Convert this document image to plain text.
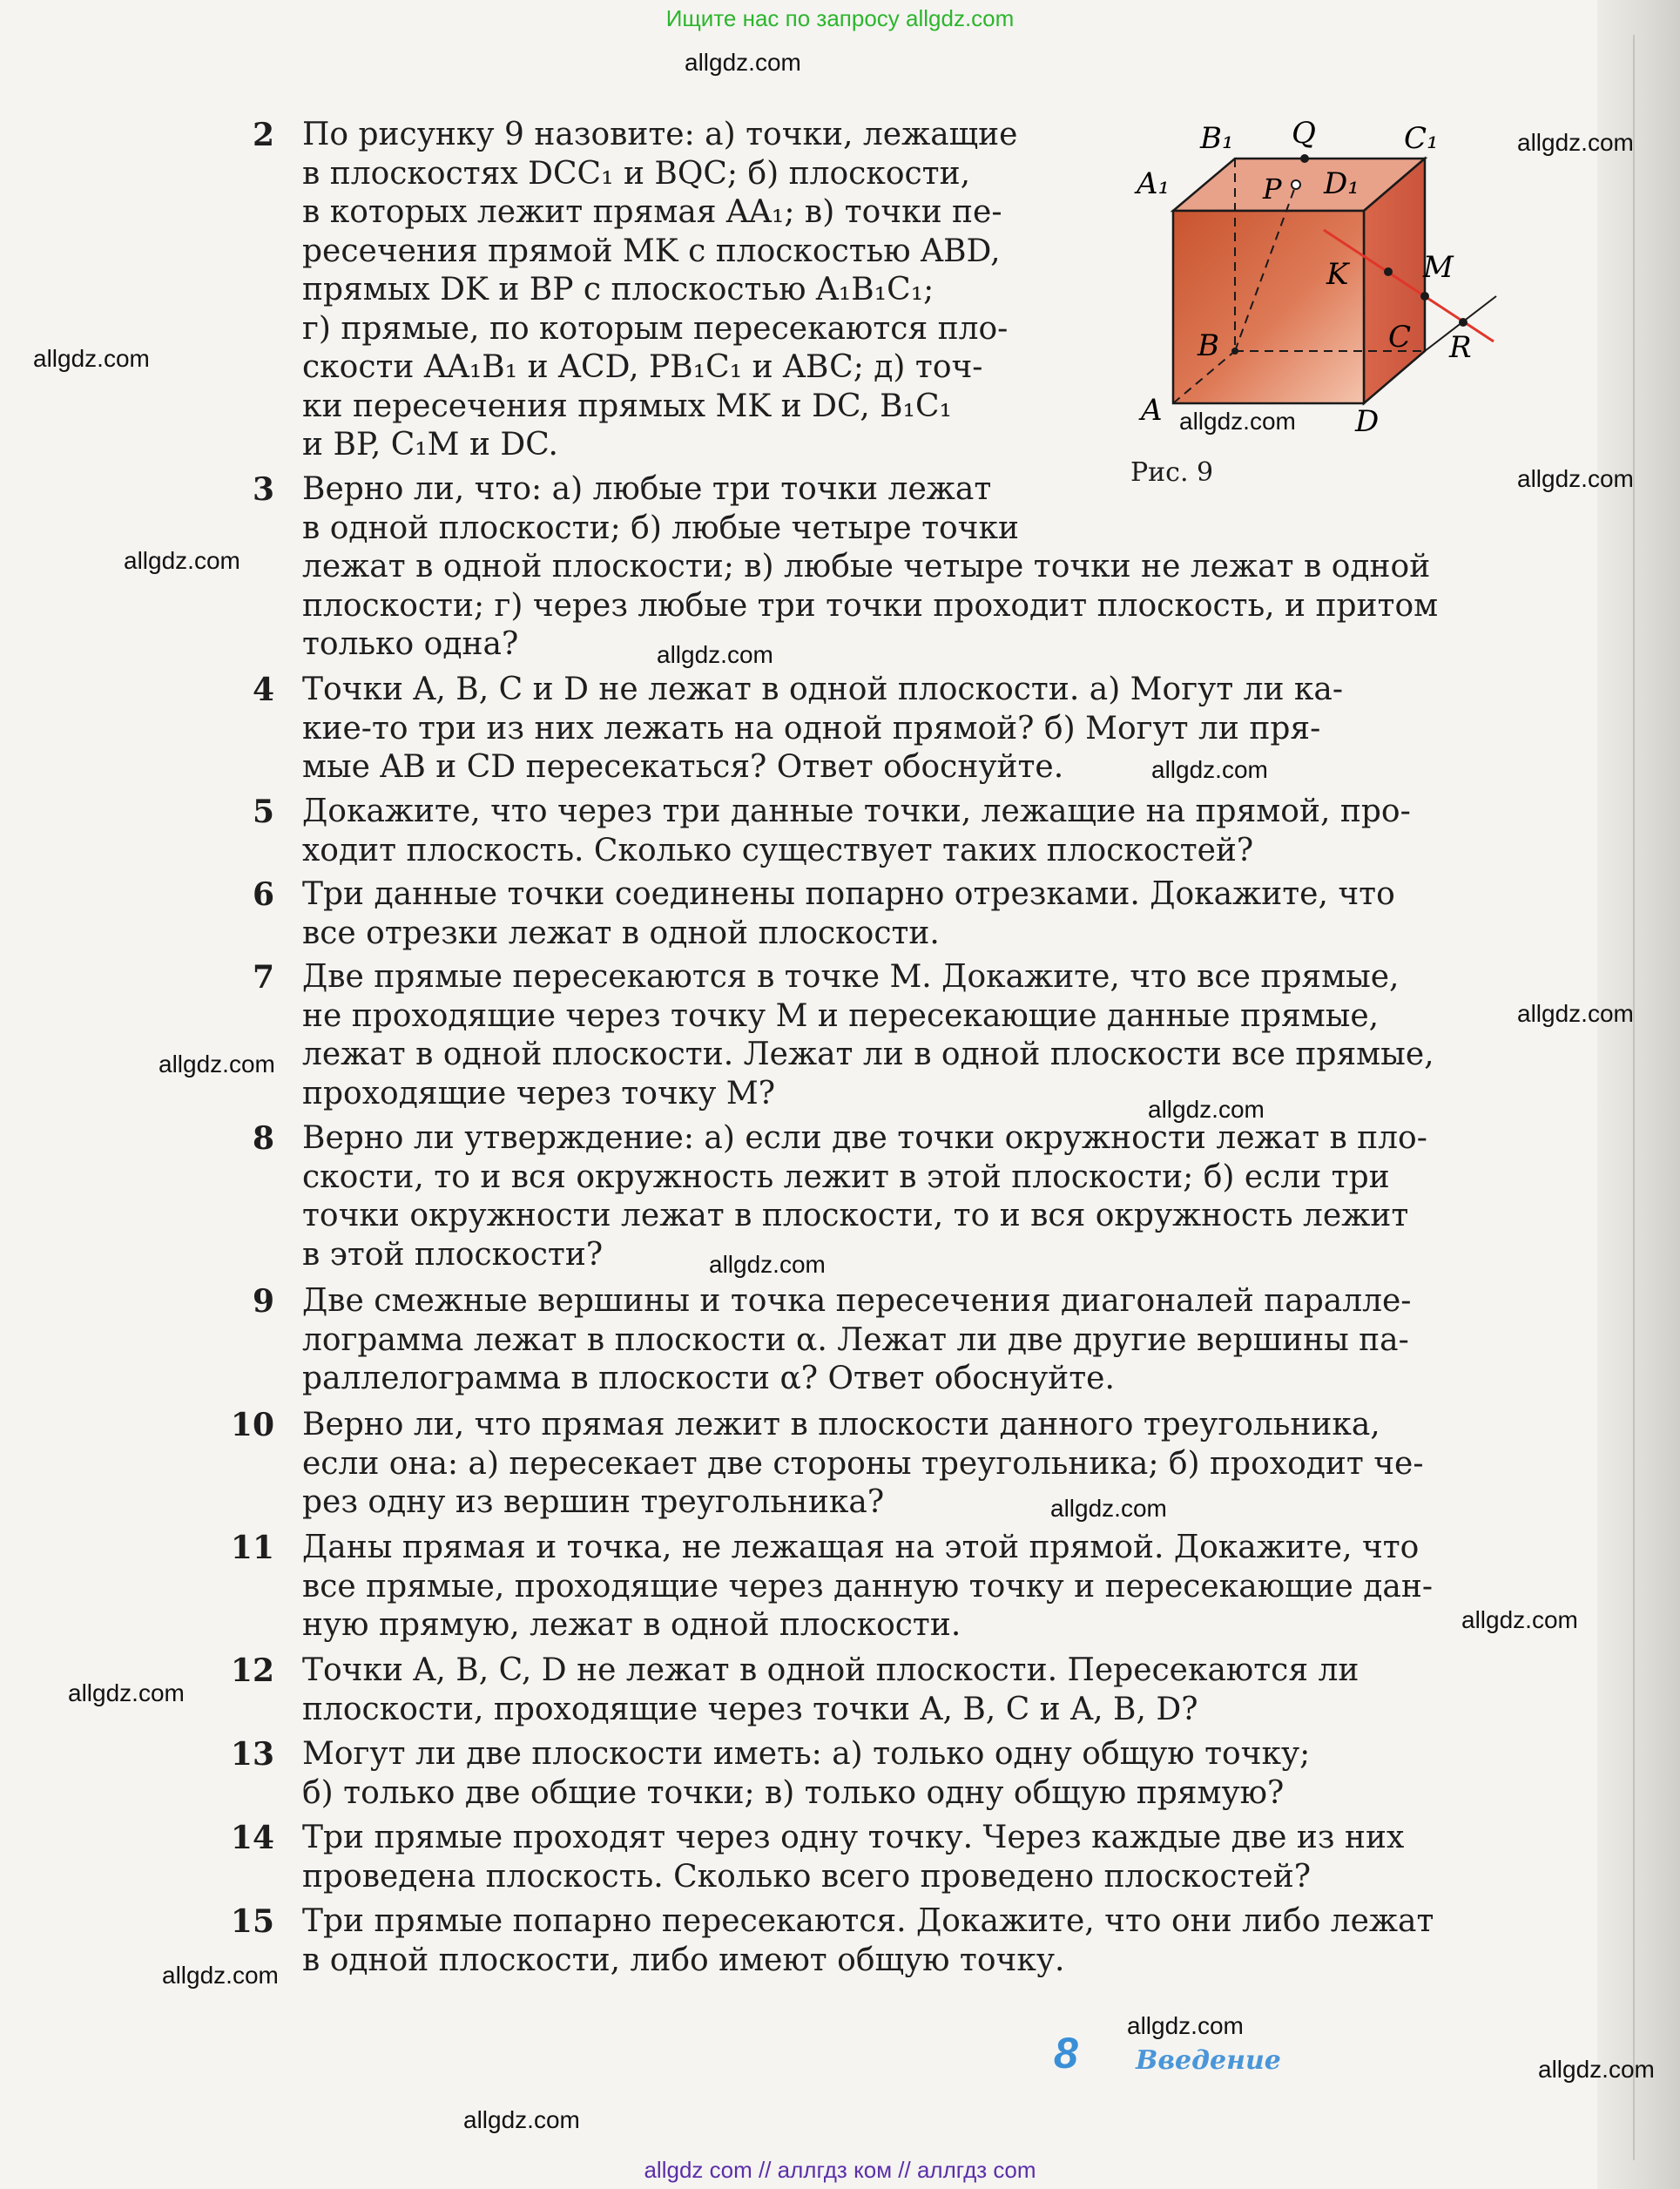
Ищите нас по запросу allgdz.com
allgdz com // аллгдз ком // аллгдз com
B₁ Q	C₁
A₁	P D₁
K	M
B	C R
A	D
Рис. 9
2 По рисунку 9 назовите: а) точки, лежащие
в плоскостях DCC₁ и BQC; б) плоскости,
в которых лежит прямая AA₁; в) точки пе-
ресечения прямой MK с плоскостью ABD,
прямых DK и BP с плоскостью A₁B₁C₁;
г) прямые, по которым пересекаются пло-
скости AA₁B₁ и ACD, PB₁C₁ и ABC; д) точ-
ки пересечения прямых MK и DC, B₁C₁
и BP, C₁M и DC.
3 Верно ли, что: а) любые три точки лежат
в одной плоскости; б) любые четыре точки
лежат в одной плоскости; в) любые четыре точки не лежат в одной
плоскости; г) через любые три точки проходит плоскость, и притом
только одна?
4 Точки A, B, C и D не лежат в одной плоскости. а) Могут ли ка-
кие-то три из них лежать на одной прямой? б) Могут ли пря-
мые AB и CD пересекаться? Ответ обоснуйте.
5 Докажите, что через три данные точки, лежащие на прямой, про-
ходит плоскость. Сколько существует таких плоскостей?
6 Три данные точки соединены попарно отрезками. Докажите, что
все отрезки лежат в одной плоскости.
7 Две прямые пересекаются в точке M. Докажите, что все прямые,
не проходящие через точку M и пересекающие данные прямые,
лежат в одной плоскости. Лежат ли в одной плоскости все прямые,
проходящие через точку M?
8 Верно ли утверждение: а) если две точки окружности лежат в пло-
скости, то и вся окружность лежит в этой плоскости; б) если три
точки окружности лежат в плоскости, то и вся окружность лежит
в этой плоскости?
9 Две смежные вершины и точка пересечения диагоналей паралле-
лограмма лежат в плоскости α. Лежат ли две другие вершины па-
раллелограмма в плоскости α? Ответ обоснуйте.
10 Верно ли, что прямая лежит в плоскости данного треугольника,
если она: а) пересекает две стороны треугольника; б) проходит че-
рез одну из вершин треугольника?
11 Даны прямая и точка, не лежащая на этой прямой. Докажите, что
все прямые, проходящие через данную точку и пересекающие дан-
ную прямую, лежат в одной плоскости.
12 Точки A, B, C, D не лежат в одной плоскости. Пересекаются ли
плоскости, проходящие через точки A, B, C и A, B, D?
13 Могут ли две плоскости иметь: а) только одну общую точку;
б) только две общие точки; в) только одну общую прямую?
14 Три прямые проходят через одну точку. Через каждые две из них
проведена плоскость. Сколько всего проведено плоскостей?
15 Три прямые попарно пересекаются. Докажите, что они либо лежат
в одной плоскости, либо имеют общую точку.
8 Введение
allgdz.com
allgdz.com
allgdz.com
allgdz.com
allgdz.com
allgdz.com
allgdz.com
allgdz.com
allgdz.com
allgdz.com
allgdz.com
allgdz.com
allgdz.com
allgdz.com
allgdz.com
allgdz.com
allgdz.com
allgdz.com
allgdz.com
